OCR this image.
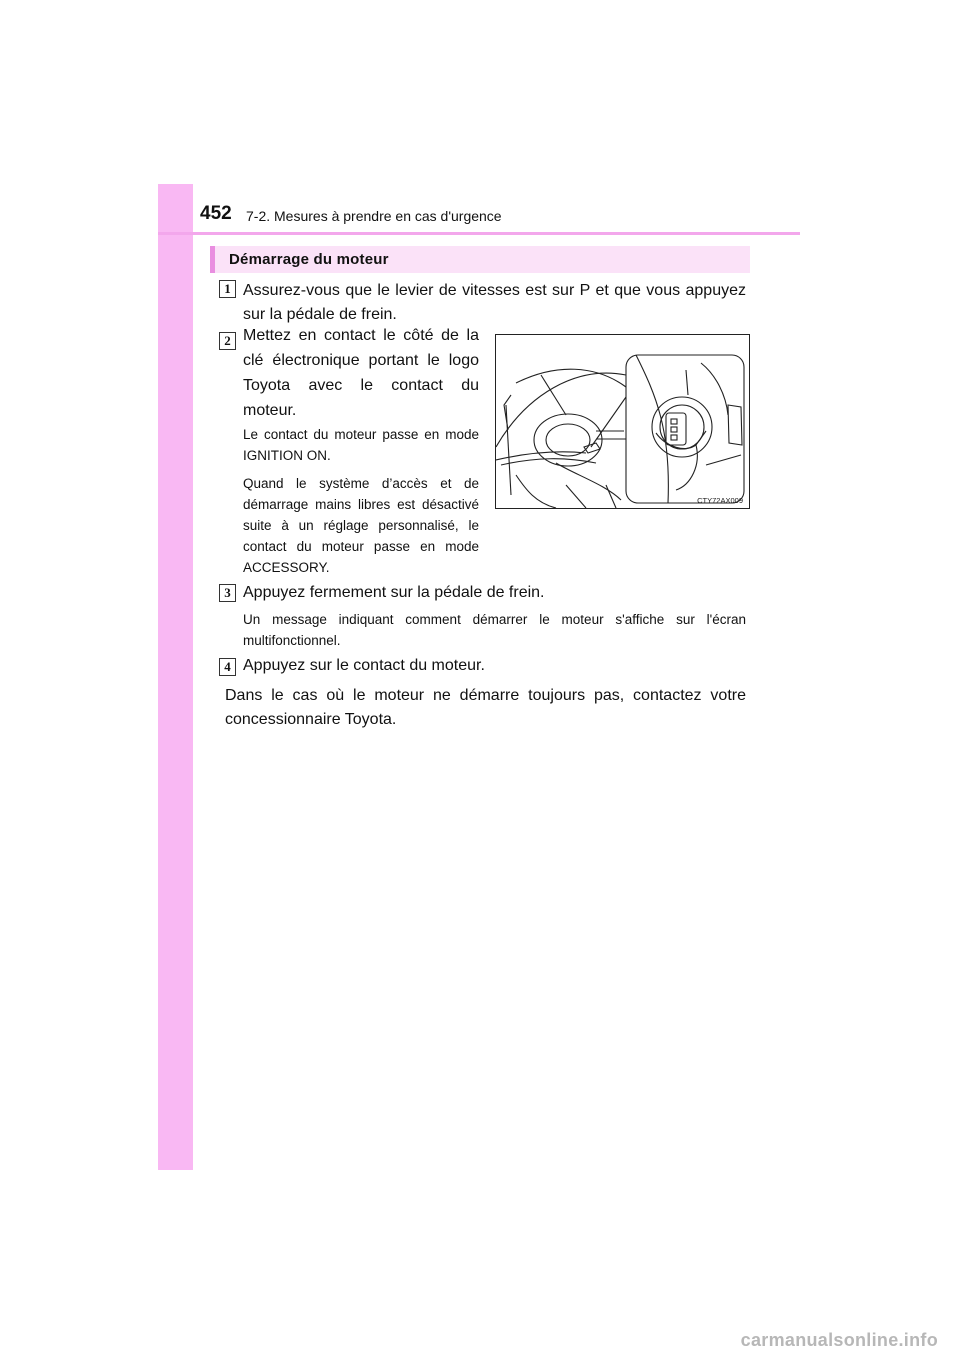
452 7-2. Mesures à prendre en cas d'urgence
Démarrage du moteur
1 Assurez-vous que le levier de vitesses est sur P et que vous appuyez sur la pédale de frein.
2 Mettez en contact le côté de la clé électronique portant le logo Toyota avec le contact du moteur.
Le contact du moteur passe en mode IGNITION ON.
Quand le système d’accès et de démarrage mains libres est désactivé suite à un réglage personnalisé, le contact du moteur passe en mode ACCESSORY.
CTY72AX009
3 Appuyez fermement sur la pédale de frein.
Un message indiquant comment démarrer le moteur s'affiche sur l'écran multifonctionnel.
4 Appuyez sur le contact du moteur.
Dans le cas où le moteur ne démarre toujours pas, contactez votre concessionnaire Toyota.
carmanualsonline.info
